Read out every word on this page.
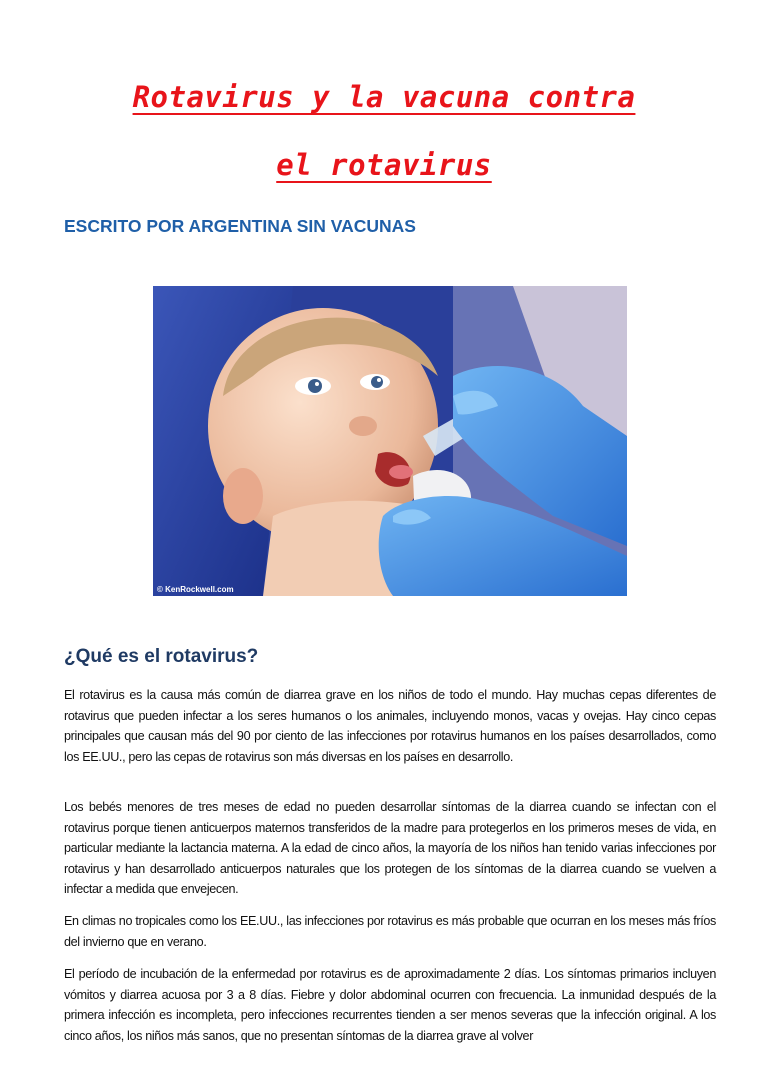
Rotavirus y la vacuna contra
el rotavirus
ESCRITO POR ARGENTINA SIN VACUNAS
© KenRockwell.com
¿Qué es el rotavirus?
El rotavirus es la causa más común de diarrea grave en los niños de todo el mundo. Hay muchas cepas diferentes de rotavirus que pueden infectar a los seres humanos o los animales, incluyendo monos, vacas y ovejas. Hay cinco cepas principales que causan más del 90 por ciento de las infecciones por rotavirus humanos en los países desarrollados, como los EE.UU., pero las cepas de rotavirus son más diversas en los países en desarrollo.
Los bebés menores de tres meses de edad no pueden desarrollar síntomas de la diarrea cuando se infectan con el rotavirus porque tienen anticuerpos maternos transferidos de la madre para protegerlos en los primeros meses de vida, en particular mediante la lactancia materna. A la edad de cinco años, la mayoría de los niños han tenido varias infecciones por rotavirus y han desarrollado anticuerpos naturales que los protegen de los síntomas de la diarrea cuando se vuelven a infectar a medida que envejecen.
En climas no tropicales como los EE.UU., las infecciones por rotavirus es más probable que ocurran en los meses más fríos del invierno que en verano.
El período de incubación de la enfermedad por rotavirus es de aproximadamente 2 días. Los síntomas primarios incluyen vómitos y diarrea acuosa por 3 a 8 días. Fiebre y dolor abdominal ocurren con frecuencia. La inmunidad después de la primera infección es incompleta, pero infecciones recurrentes tienden a ser menos severas que la infección original. A los cinco años, los niños más sanos, que no presentan síntomas de la diarrea grave al volver
